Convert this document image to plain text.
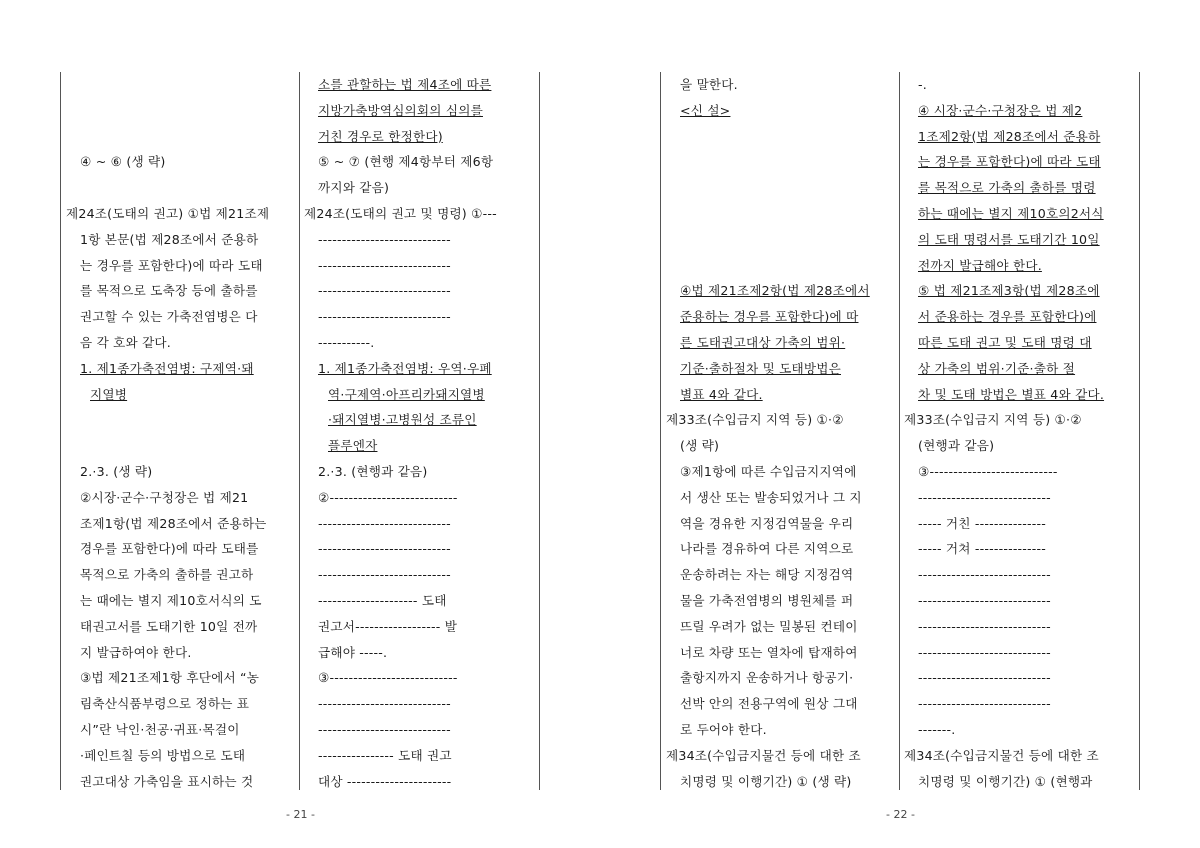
④ ~ ⑥ (생 략)
제24조(도태의 권고) ①법 제21조제
1항 본문(법 제28조에서 준용하
는 경우를 포함한다)에 따라 도태
를 목적으로 도축장 등에 출하를
권고할 수 있는 가축전염병은 다
음 각 호와 같다.
1. 제1종가축전염병: 구제역·돼
지열병
2.·3. (생 략)
②시장·군수·구청장은 법 제21
조제1항(법 제28조에서 준용하는
경우를 포함한다)에 따라 도태를
목적으로 가축의 출하를 권고하
는 때에는 별지 제10호서식의 도
태권고서를 도태기한 10일 전까
지 발급하여야 한다.
③법 제21조제1항 후단에서 “농
림축산식품부령으로 정하는 표
시”란 낙인·천공·귀표·목걸이
·페인트칠 등의 방법으로 도태
권고대상 가축임을 표시하는 것
소를 관할하는 법 제4조에 따른
지방가축방역심의회의 심의를
거친 경우로 한정한다)
⑤ ~ ⑦ (현행 제4항부터 제6항
까지와 같음)
제24조(도태의 권고 및 명령) ①---
----------------------------
----------------------------
----------------------------
----------------------------
-----------.
1. 제1종가축전염병: 우역·우폐
역·구제역·아프리카돼지열병
·돼지열병·고병원성 조류인
플루엔자
2.·3. (현행과 같음)
②---------------------------
----------------------------
----------------------------
----------------------------
--------------------- 도태
권고서------------------ 발
급해야 -----.
③---------------------------
----------------------------
----------------------------
---------------- 도태 권고
대상 ----------------------
- 21 -
을 말한다.
<신 설>
④법 제21조제2항(법 제28조에서
준용하는 경우를 포함한다)에 따
른 도태권고대상 가축의 범위·
기준·출하절차 및 도태방법은
별표 4와 같다.
제33조(수입금지 지역 등) ①·②
(생 략)
③제1항에 따른 수입금지지역에
서 생산 또는 발송되었거나 그 지
역을 경유한 지정검역물을 우리
나라를 경유하여 다른 지역으로
운송하려는 자는 해당 지정검역
물을 가축전염병의 병원체를 퍼
뜨릴 우려가 없는 밀봉된 컨테이
너로 차량 또는 열차에 탑재하여
출항지까지 운송하거나 항공기·
선박 안의 전용구역에 원상 그대
로 두어야 한다.
제34조(수입금지물건 등에 대한 조
치명령 및 이행기간) ① (생 략)
-.
④ 시장·군수·구청장은 법 제2
1조제2항(법 제28조에서 준용하
는 경우를 포함한다)에 따라 도태
를 목적으로 가축의 출하를 명령
하는 때에는 별지 제10호의2서식
의 도태 명령서를 도태기간 10일
전까지 발급해야 한다.
⑤ 법 제21조제3항(법 제28조에
서 준용하는 경우를 포함한다)에
따른 도태 권고 및 도태 명령 대
상 가축의 범위·기준·출하 절
차 및 도태 방법은 별표 4와 같다.
제33조(수입금지 지역 등) ①·②
(현행과 같음)
③---------------------------
----------------------------
----- 거친 ---------------
----- 거쳐 ---------------
----------------------------
----------------------------
----------------------------
----------------------------
----------------------------
----------------------------
-------.
제34조(수입금지물건 등에 대한 조
치명령 및 이행기간) ① (현행과
- 22 -
